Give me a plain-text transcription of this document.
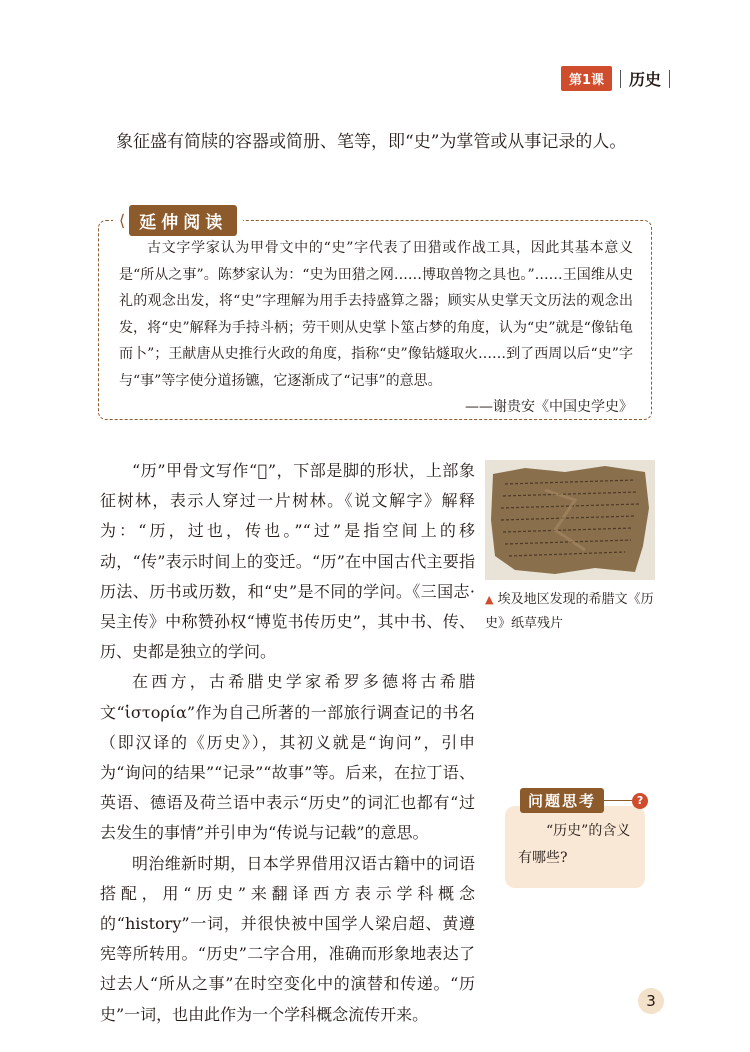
第1课	历史
象征盛有简牍的容器或简册、笔等，即“史”为掌管或从事记录的人。
⟨ 延伸阅读

古文字学家认为甲骨文中的“史”字代表了田猎或作战工具，因此其基本意义是“所从之事”。陈梦家认为：“史为田猎之网……博取兽物之具也。”……王国维从史礼的观念出发，将“史”字理解为用手去持盛算之器；顾实从史掌天文历法的观念出发，将“史”解释为手持斗柄；劳干则从史掌卜筮占梦的角度，认为“史”就是“像钻龟而卜”；王献唐从史推行火政的角度，指称“史”像钻燧取火……到了西周以后“史”字与“事”等字使分道扬镳，它逐渐成了“记事”的意思。

——谢贵安《中国史学史》

“历”甲骨文写作“𡴚”，下部是脚的形状，上部象征树林，表示人穿过一片树林。《说文解字》解释为：“历，过也，传也。”“过”是指空间上的移动，“传”表示时间上的变迁。“历”在中国古代主要指历法、历书或历数，和“史”是不同的学问。《三国志·吴主传》中称赞孙权“博览书传历史”，其中书、传、历、史都是独立的学问。

在西方，古希腊史学家希罗多德将古希腊文“ἱστορία”作为自己所著的一部旅行调查记的书名（即汉译的《历史》），其初义就是“询问”，引申为“询问的结果”“记录”“故事”等。后来，在拉丁语、英语、德语及荷兰语中表示“历史”的词汇也都有“过去发生的事情”并引申为“传说与记载”的意思。

明治维新时期，日本学界借用汉语古籍中的词语搭配，用“历史”来翻译西方表示学科概念的“history”一词，并很快被中国学人梁启超、黄遵宪等所转用。“历史”二字合用，准确而形象地表达了过去人“所从之事”在时空变化中的演替和传递。“历史”一词，也由此作为一个学科概念流传开来。

▲ 埃及地区发现的希腊文《历史》纸草残片
问题思考	?
“历史”的含义有哪些?
3
